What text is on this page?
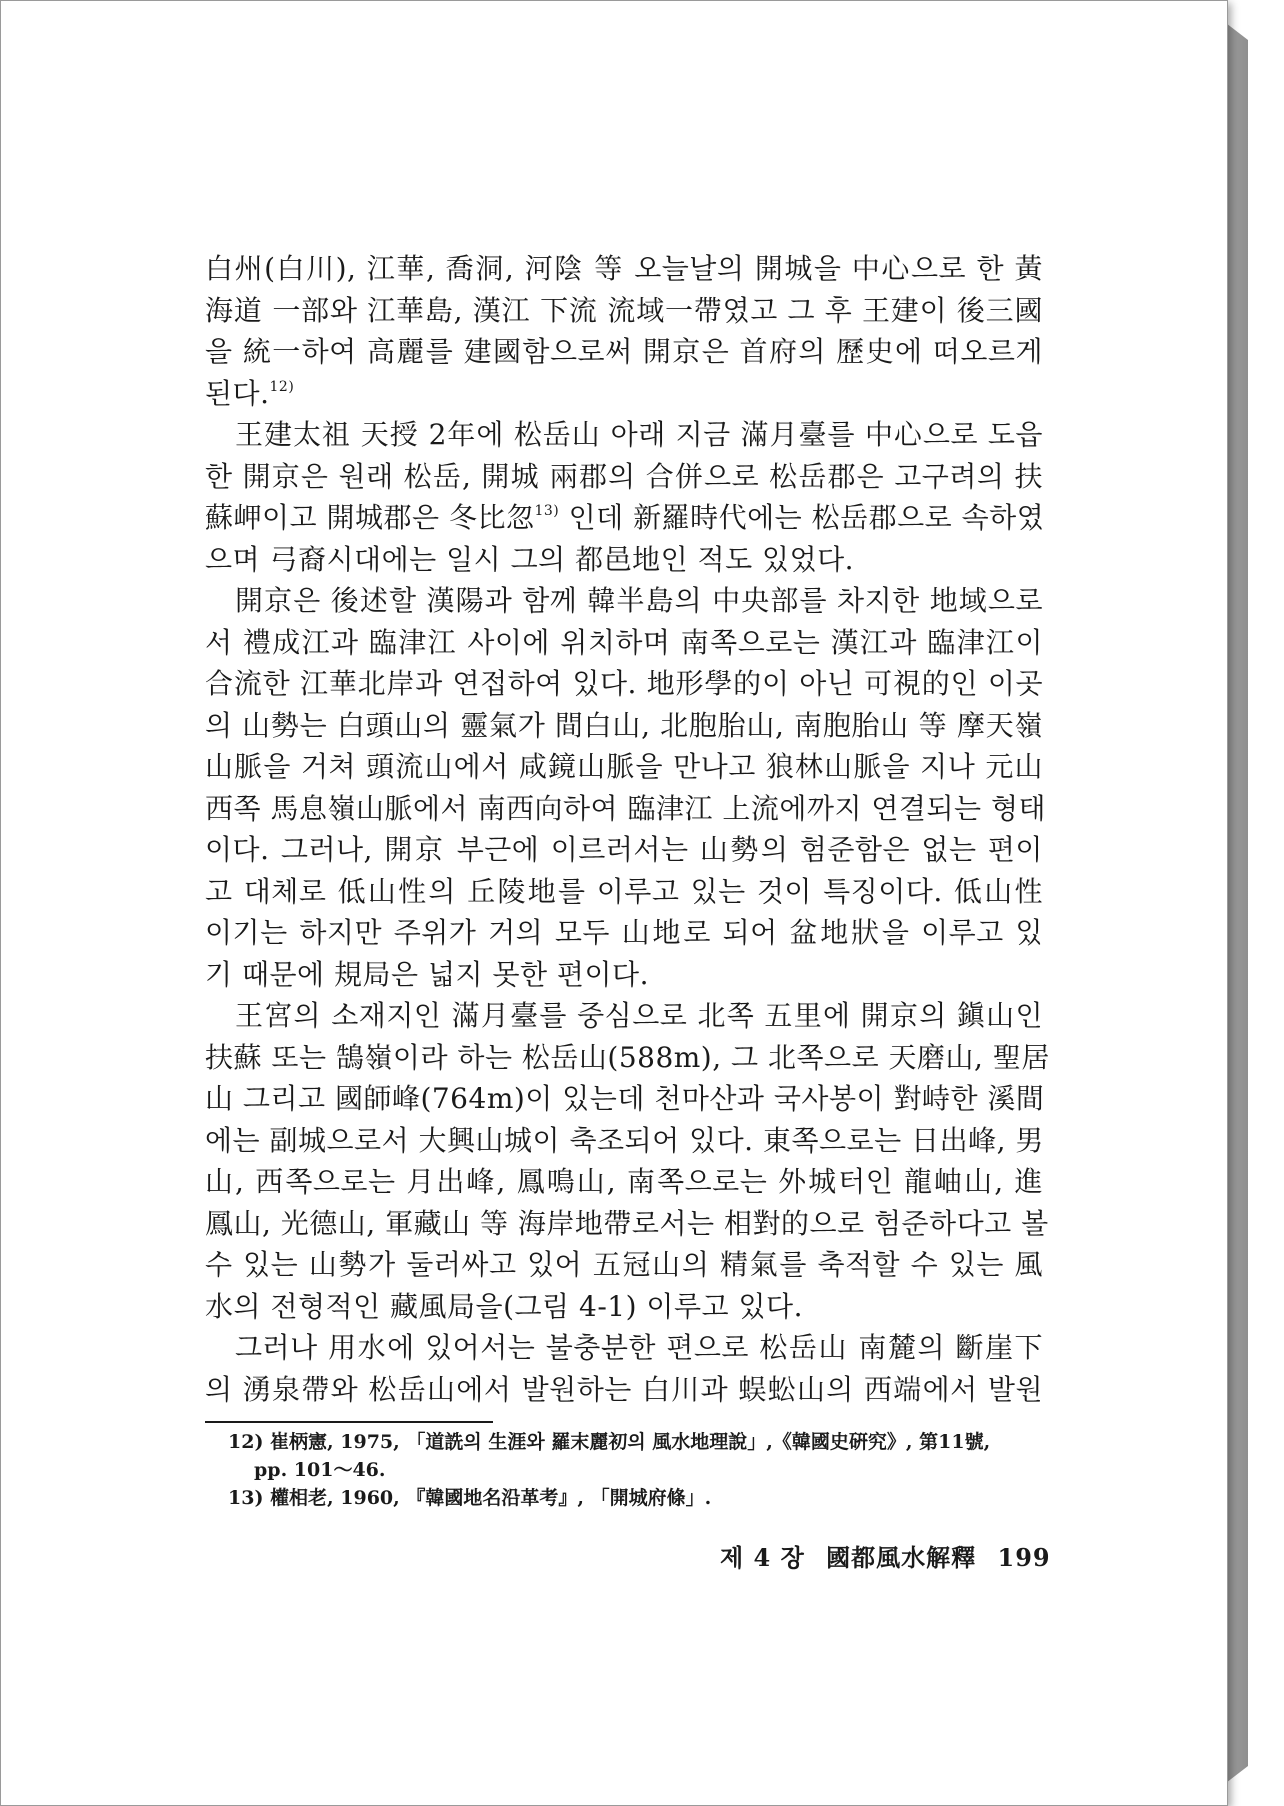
白州(白川), 江華, 喬洞, 河陰 等 오늘날의 開城을 中心으로 한 黃
海道 一部와 江華島, 漢江 下流 流域一帶였고 그 후 王建이 後三國
을 統一하여 高麗를 建國함으로써 開京은 首府의 歷史에 떠오르게
된다.$^{12)}$
王建太祖 天授 2年에 松岳山 아래 지금 滿月臺를 中心으로 도읍
한 開京은 원래 松岳, 開城 兩郡의 合併으로 松岳郡은 고구려의 扶
蘇岬이고 開城郡은 冬比忽$^{13)}$ 인데 新羅時代에는 松岳郡으로 속하였
으며 弓裔시대에는 일시 그의 都邑地인 적도 있었다.
開京은 後述할 漢陽과 함께 韓半島의 中央部를 차지한 地域으로
서 禮成江과 臨津江 사이에 위치하며 南쪽으로는 漢江과 臨津江이
合流한 江華北岸과 연접하여 있다. 地形學的이 아닌 可視的인 이곳
의 山勢는 白頭山의 靈氣가 間白山, 北胞胎山, 南胞胎山 等 摩天嶺
山脈을 거쳐 頭流山에서 咸鏡山脈을 만나고 狼林山脈을 지나 元山
西쪽 馬息嶺山脈에서 南西向하여 臨津江 上流에까지 연결되는 형태
이다. 그러나, 開京 부근에 이르러서는 山勢의 험준함은 없는 편이
고 대체로 低山性의 丘陵地를 이루고 있는 것이 특징이다. 低山性
이기는 하지만 주위가 거의 모두 山地로 되어 盆地狀을 이루고 있
기 때문에 規局은 넓지 못한 편이다.
王宮의 소재지인 滿月臺를 중심으로 北쪽 五里에 開京의 鎭山인
扶蘇 또는 鵠嶺이라 하는 松岳山(588m), 그 北쪽으로 天磨山, 聖居
山 그리고 國師峰(764m)이 있는데 천마산과 국사봉이 對峙한 溪間
에는 副城으로서 大興山城이 축조되어 있다. 東쪽으로는 日出峰, 男
山, 西쪽으로는 月出峰, 鳳鳴山, 南쪽으로는 外城터인 龍岫山, 進
鳳山, 光德山, 軍藏山 等 海岸地帶로서는 相對的으로 험준하다고 볼
수 있는 山勢가 둘러싸고 있어 五冠山의 精氣를 축적할 수 있는 風
水의 전형적인 藏風局을(그림 4-1) 이루고 있다.
그러나 用水에 있어서는 불충분한 편으로 松岳山 南麓의 斷崖下
의 湧泉帶와 松岳山에서 발원하는 白川과 蜈蚣山의 西端에서 발원
12) 崔柄憲, 1975, 「道詵의 生涯와 羅末麗初의 風水地理說」,《韓國史硏究》, 第11號,
pp. 101～46.
13) 權相老, 1960, 『韓國地名沿革考』, 「開城府條」.
제 4 장 國都風水解釋 199
